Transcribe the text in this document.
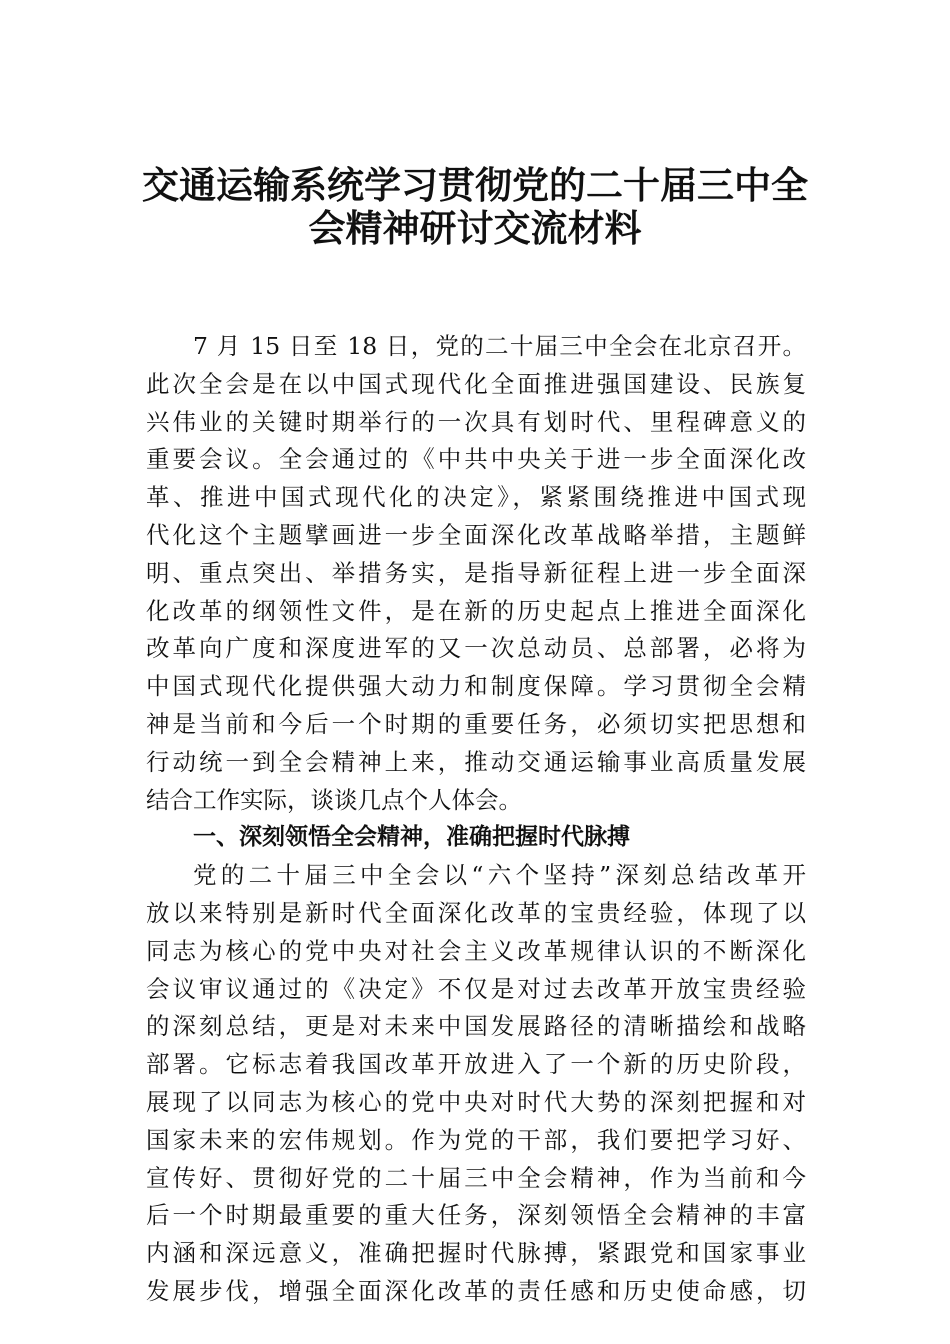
交通运输系统学习贯彻党的二十届三中全
会精神研讨交流材料
7 月 15 日至 18 日，党的二十届三中全会在北京召开。
此次全会是在以中国式现代化全面推进强国建设、民族复
兴伟业的关键时期举行的一次具有划时代、里程碑意义的
重要会议。全会通过的《中共中央关于进一步全面深化改
革、推进中国式现代化的决定》，紧紧围绕推进中国式现
代化这个主题擘画进一步全面深化改革战略举措，主题鲜
明、重点突出、举措务实，是指导新征程上进一步全面深
化改革的纲领性文件，是在新的历史起点上推进全面深化
改革向广度和深度进军的又一次总动员、总部署，必将为
中国式现代化提供强大动力和制度保障。学习贯彻全会精
神是当前和今后一个时期的重要任务，必须切实把思想和
行动统一到全会精神上来，推动交通运输事业高质量发展
结合工作实际，谈谈几点个人体会。
一、深刻领悟全会精神，准确把握时代脉搏
党的二十届三中全会以“六个坚持”深刻总结改革开
放以来特别是新时代全面深化改革的宝贵经验，体现了以
同志为核心的党中央对社会主义改革规律认识的不断深化
会议审议通过的《决定》不仅是对过去改革开放宝贵经验
的深刻总结，更是对未来中国发展路径的清晰描绘和战略
部署。它标志着我国改革开放进入了一个新的历史阶段，
展现了以同志为核心的党中央对时代大势的深刻把握和对
国家未来的宏伟规划。作为党的干部，我们要把学习好、
宣传好、贯彻好党的二十届三中全会精神，作为当前和今
后一个时期最重要的重大任务，深刻领悟全会精神的丰富
内涵和深远意义，准确把握时代脉搏，紧跟党和国家事业
发展步伐，增强全面深化改革的责任感和历史使命感，切
